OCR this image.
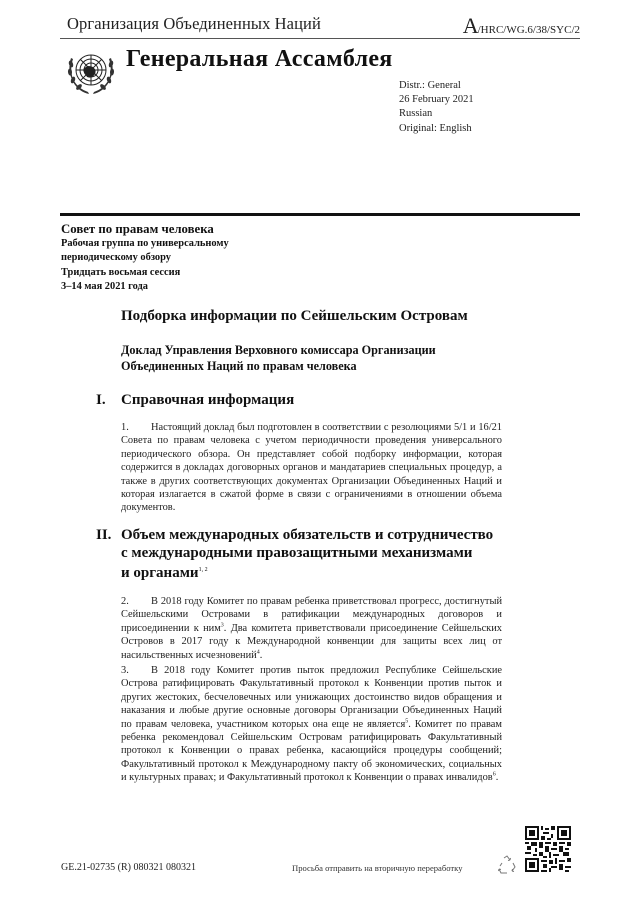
Организация Объединенных Наций	A/HRC/WG.6/38/SYC/2
Генеральная Ассамблея
Distr.: General
26 February 2021
Russian
Original: English
Совет по правам человека
Рабочая группа по универсальному
периодическому обзору
Тридцать восьмая сессия
3–14 мая 2021 года
Подборка информации по Сейшельским Островам
Доклад Управления Верховного комиссара Организации
Объединенных Наций по правам человека
I. Справочная информация
1. Настоящий доклад был подготовлен в соответствии с резолюциями 5/1 и 16/21 Совета по правам человека с учетом периодичности проведения универсального периодического обзора. Он представляет собой подборку информации, которая содержится в докладах договорных органов и мандатариев специальных процедур, а также в других соответствующих документах Организации Объединенных Наций и которая излагается в сжатой форме в связи с ограничениями в отношении объема документов.
II. Объем международных обязательств и сотрудничество
с международными правозащитными механизмами
и органами$^{1, 2}$
2. В 2018 году Комитет по правам ребенка приветствовал прогресс, достигнутый Сейшельскими Островами в ратификации международных договоров и присоединении к ним$^3$. Два комитета приветствовали присоединение Сейшельских Островов в 2017 году к Международной конвенции для защиты всех лиц от насильственных исчезновений$^4$.
3. В 2018 году Комитет против пыток предложил Республике Сейшельские Острова ратифицировать Факультативный протокол к Конвенции против пыток и других жестоких, бесчеловечных или унижающих достоинство видов обращения и наказания и любые другие основные договоры Организации Объединенных Наций по правам человека, участником которых она еще не является$^5$. Комитет по правам ребенка рекомендовал Сейшельским Островам ратифицировать Факультативный протокол к Конвенции о правах ребенка, касающийся процедуры сообщений; Факультативный протокол к Международному пакту об экономических, социальных и культурных правах; и Факультативный протокол к Конвенции о правах инвалидов$^6$.
GE.21-02735 (R) 080321 080321	Просьба отправить на вторичную переработку
